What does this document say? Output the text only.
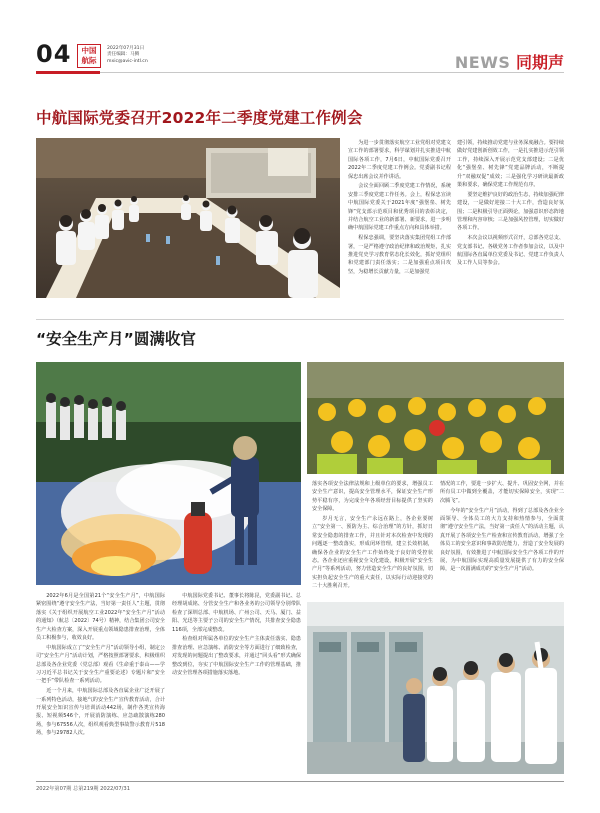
04	中国
航际
2022年07月31日
责任编辑：马腾
mxic@avic-intl.cn	NEWS 同期声
中航国际党委召开2022年二季度党建工作例会

为进一步贯彻落实航空工业党组对党建文宣工作的部署要求，科学谋划并扎实推进中航国际各项工作，7月6日，中航国际党委召开2022年二季度党建工作例会。党委副书记程保忠出席会议并作讲话。

会议全面回顾二季度党建工作情况，系统安排三季度党建工作任务。会上，程保忠宣读中航国际党委关于2021年度“强堡垒、树先锋”党支部示范项目和优秀项目的表彰决定，并结合航空工业的新部署、新要求，进一步明确中航国际党建工作重点方向和具体举措。

程保忠强调，要坚决落实集团党组工作部署，一是严格遵守政治纪律和政治规矩，扎实推进党史学习教育常态化长效化，抓好党组织和党建部门责任落实；二是加强重点项目攻坚，为稳增长贡献力量，三是加强党

建引领，持续推动党建与业务深度融合。要持续做好党建创新创效工作，一是扎实推进示范引领工作，持续深入开展示范党支部建设；二是优化“强堡垒、树先锋”党建品牌活动，不断提升“双融双促”成效；三是强化学习研读最新政策和要求，确保党建工作规范有序。

要坚定维护良好的政治生态，持续加强纪律建设，一是做好迎接二十大工作，营造良好氛围；二是积极引导正面舆论，加强意识形态阵地管理和内容审核；三是加强风控管理，切实做好各项工作。

本次会议以视频形式召开，总部各党总支、党支部书记、各级党务工作者参加会议，以及中航国际各直属单位党委及书记、党建工作负责人及工作人员等参会。

“安全生产月”圆满收官

2022年6月是全国第21个“安全生产月”，中航国际紧密围绕“遵守安全生产法，当好第一责任人”主题，贯彻落实《关于组织开展航空工业2022年“安全生产月”活动的通知》（航总〔2022〕74号）精神，结合集团公司安全生产大检查方案，深入开展重点领域隐患排查治理，全体员工积极参与，收效良好。

中航国际成立了“安全生产月”活动领导小组，制定公司“安全生产月”活动计划，严格按照部署要求，积极组织总部及各企业党委（党总部）观看《生命重于泰山——学习习近平总书记关于安全生产重要论述》专题片和“安全一把手”带队检查一系列活动。

近一个月来，中航国际总部及各直属企业广泛开展了一系列特色活动，接地气的安全生产宣传教育活动，合计开展安全知识宣传与培训活动442场，制作各类宣传海报、短视频546个，开展消防演练、应急疏散演练280场，参与67556人次，组织观看典型事故警示教育片518场，参与29782人次。

中航国际党委书记、董事长将陈昆，党委副书记、总经理胡成铭、分管安全生产和各业务的公司领导分别带队检查了深圳总部、中航机场、广州公司、天马、厦门、益阳、光迅等主要子公司的安全生产情况，共排查安全隐患116项，全部完成整改。

检查组对所属各单位的安全生产主体责任落实、隐患排查治理、应急演练、消防安全等方面进行了细致检查，对发现的问题提出了整改要求，并通过“回头看”形式确保整改到位，夯实了中航国际安全生产工作的管理基础，推动安全管理各项措施落实落地。

落实各项安全法律法规和上级单位的要求，增强员工安全生产意识，提高安全管理水平，保证安全生产形势平稳有序，为完成全年各项经营目标提供了坚实的安全保障。

岁月无言，安全生产永远在路上，各企业要树立“安全第一、预防为主、综合治理”的方针，抓好日常安全隐患的排查工作，并且针对本次检查中发现的问题逐一整改落实，形成闭环管理，建立长效机制，确保各企业的安全生产工作始终处于良好的受控状态。各企业还应重视安全文化建设，积极开展“安全生产月”等系列活动，努力营造安全生产的良好氛围，切实担负起安全生产的重大责任，以实际行动迎接党的二十大胜利召开。

情况的工作，要进一步扩大、提升、巩固安全网，并在所有员工中做到全覆盖，才能切实保障安全，实现“二次腾飞”。

今年的“安全生产月”活动，得到了总部及各企业全面领导、全体员工的大力支持和热情参与，全面贯彻“遵守安全生产法，当好第一责任人”的活动主题，认真开展了各项安全生产检查和宣传教育活动，增强了全体员工的安全意识和事故防范能力，营造了安全发展的良好氛围，有效推进了中航国际安全生产各项工作的开展，为中航国际实现高质量发展提供了有力的安全保障，是一次圆满成功的“安全生产月”活动。

2022年第07期 总第219期 2022/07/31
